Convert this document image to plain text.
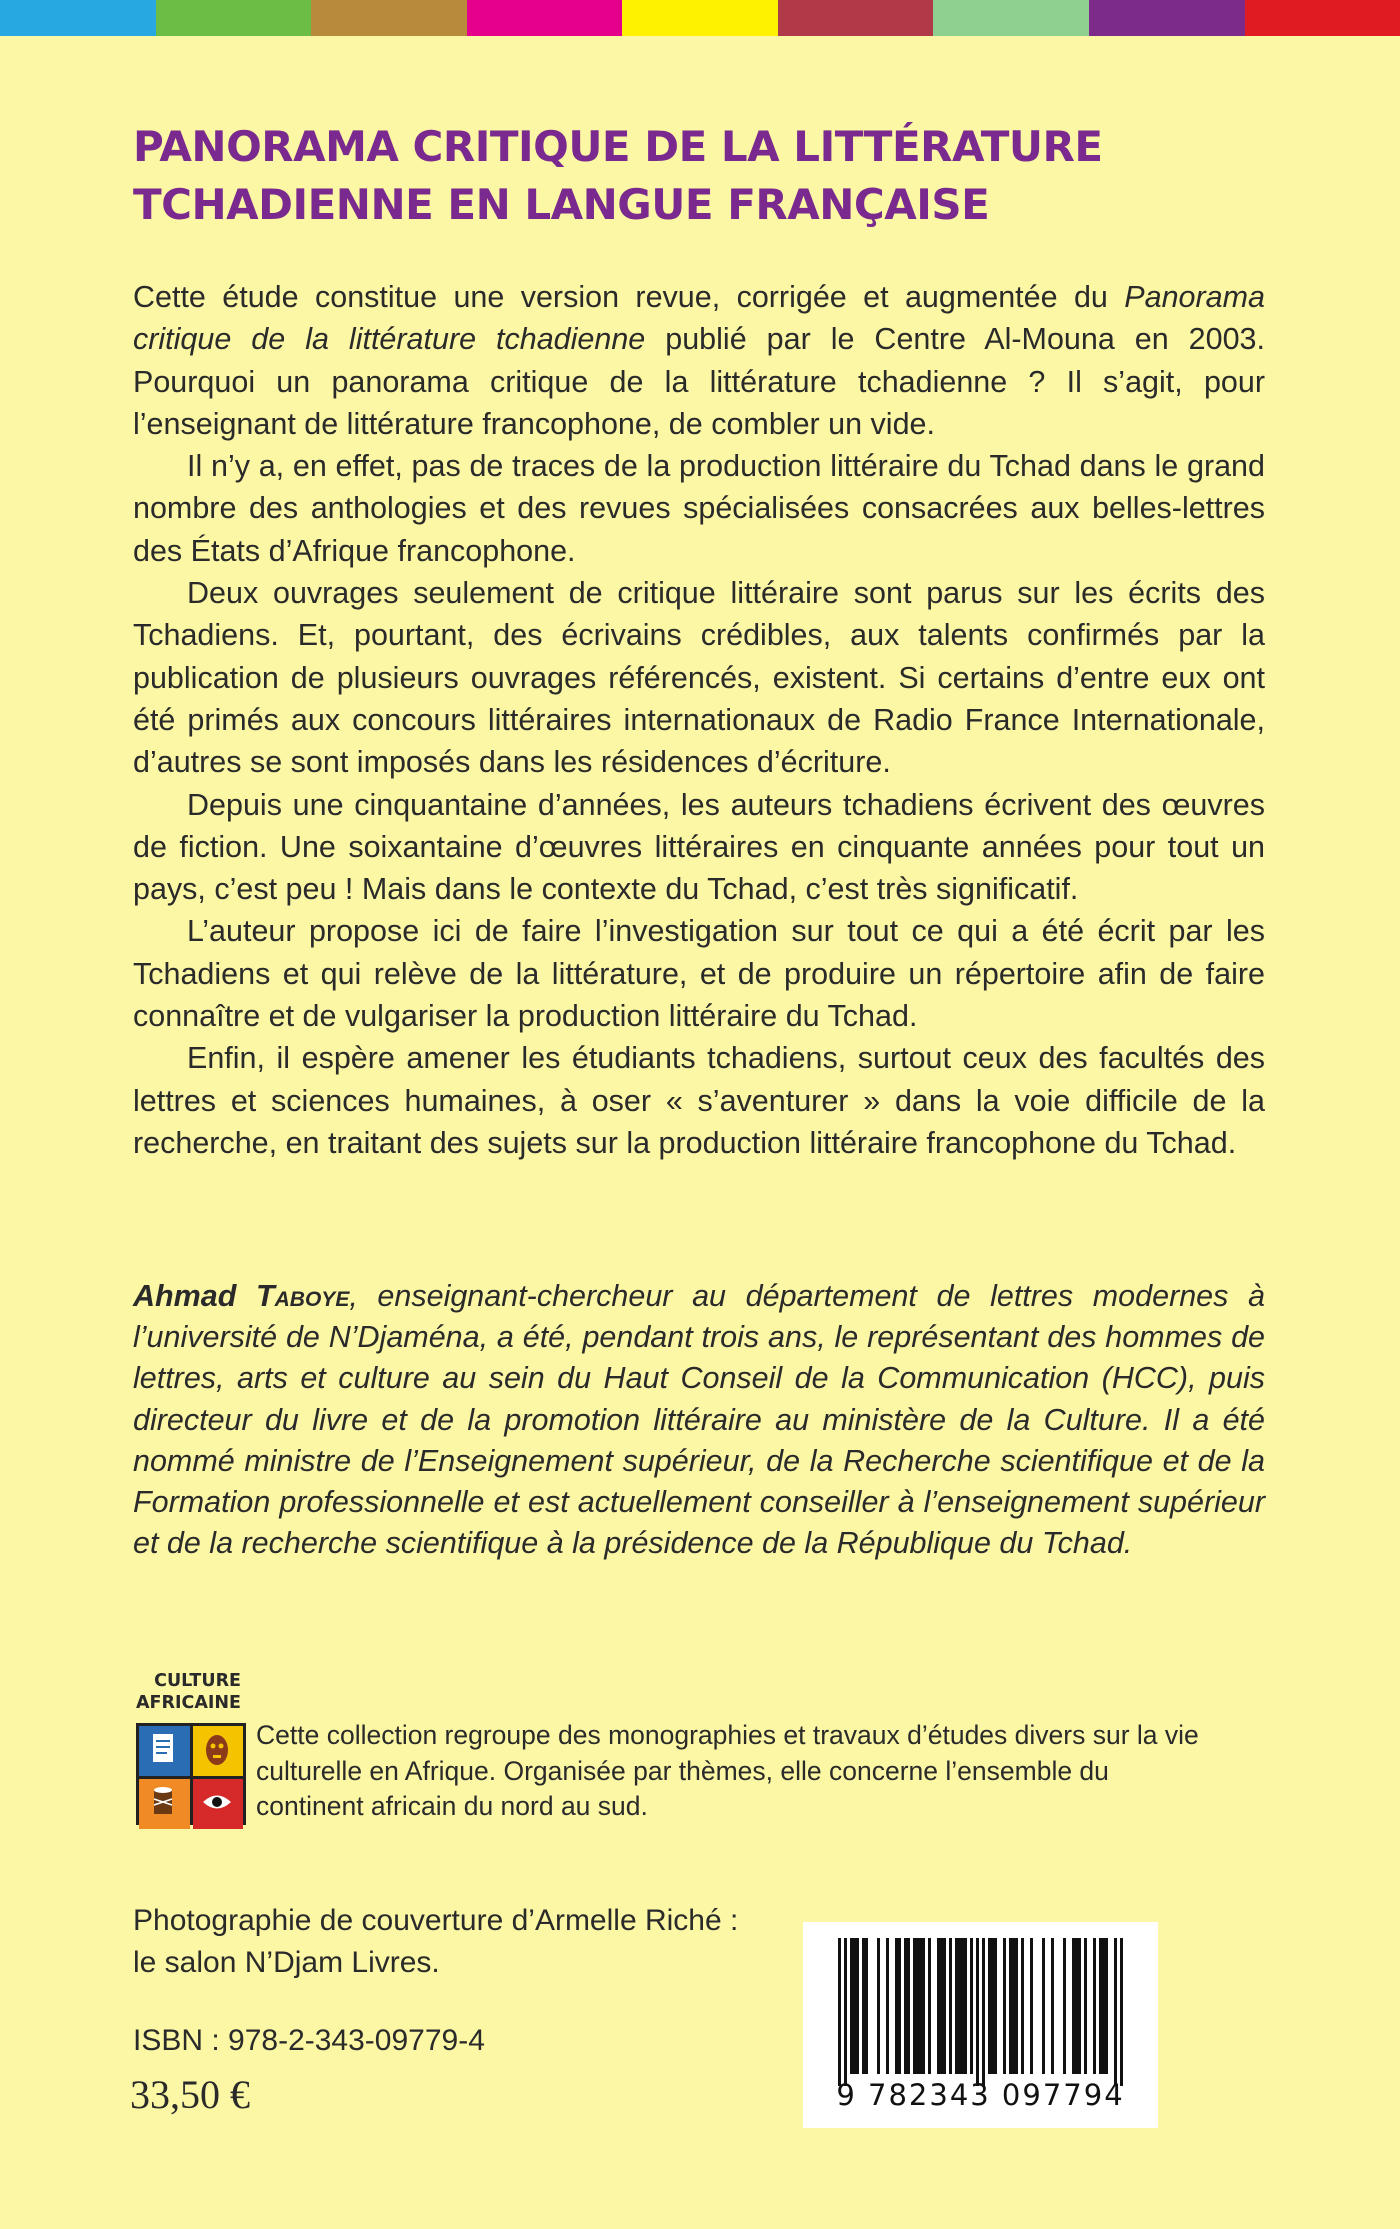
PANORAMA CRITIQUE DE LA LITTÉRATURE TCHADIENNE EN LANGUE FRANÇAISE

Cette étude constitue une version revue, corrigée et augmentée du Panorama critique de la littérature tchadienne publié par le Centre Al-Mouna en 2003. Pourquoi un panorama critique de la littérature tchadienne ? Il s’agit, pour l’enseignant de littérature francophone, de combler un vide.

Il n’y a, en effet, pas de traces de la production littéraire du Tchad dans le grand nombre des anthologies et des revues spécialisées consacrées aux belles-lettres des États d’Afrique francophone.

Deux ouvrages seulement de critique littéraire sont parus sur les écrits des Tchadiens. Et, pourtant, des écrivains crédibles, aux talents confirmés par la publication de plusieurs ouvrages référencés, existent. Si certains d’entre eux ont été primés aux concours littéraires internationaux de Radio France Internationale, d’autres se sont imposés dans les résidences d’écriture.

Depuis une cinquantaine d’années, les auteurs tchadiens écrivent des œuvres de fiction. Une soixantaine d’œuvres littéraires en cinquante années pour tout un pays, c’est peu ! Mais dans le contexte du Tchad, c’est très significatif.

L’auteur propose ici de faire l’investigation sur tout ce qui a été écrit par les Tchadiens et qui relève de la littérature, et de produire un répertoire afin de faire connaître et de vulgariser la production littéraire du Tchad.

Enfin, il espère amener les étudiants tchadiens, surtout ceux des facultés des lettres et sciences humaines, à oser « s’aventurer » dans la voie difficile de la recherche, en traitant des sujets sur la production littéraire francophone du Tchad.

Ahmad Taboye, enseignant-chercheur au département de lettres modernes à l’université de N’Djaména, a été, pendant trois ans, le représentant des hommes de lettres, arts et culture au sein du Haut Conseil de la Communication (HCC), puis directeur du livre et de la promotion littéraire au ministère de la Culture. Il a été nommé ministre de l’Enseignement supérieur, de la Recherche scientifique et de la Formation professionnelle et est actuellement conseiller à l’enseignement supérieur et de la recherche scientifique à la présidence de la République du Tchad.

CULTURE
AFRICAINE

Cette collection regroupe des monographies et travaux d’études divers sur la vie culturelle en Afrique. Organisée par thèmes, elle concerne l’ensemble du continent africain du nord au sud.

Photographie de couverture d’Armelle Riché :
le salon N’Djam Livres.
ISBN : 978-2-343-09779-4
33,50 €	9 782343 097794
